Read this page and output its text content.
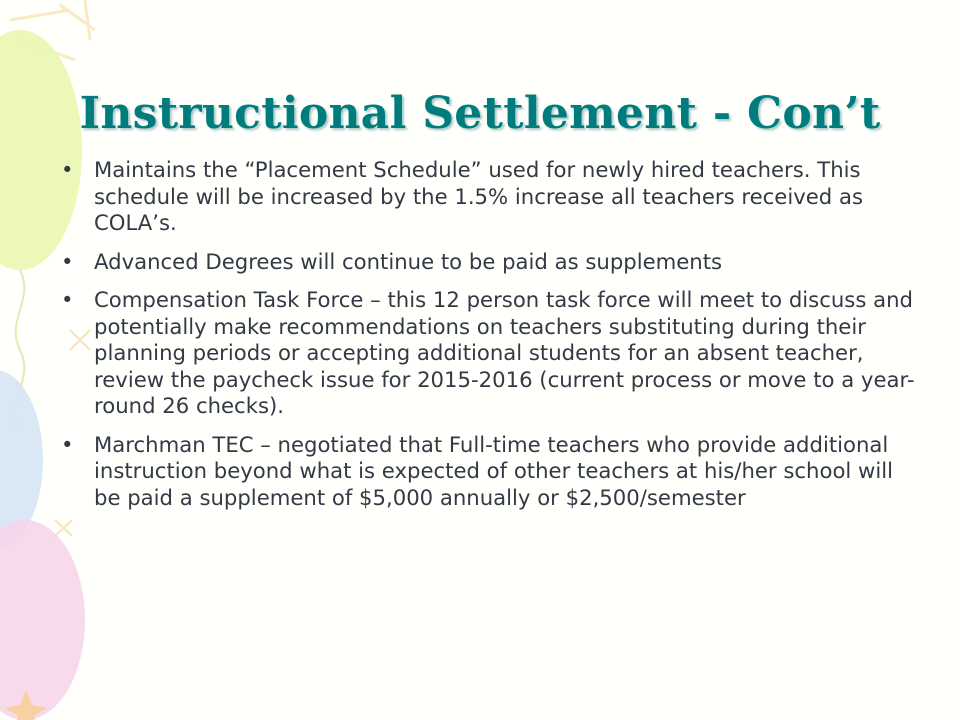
Instructional Settlement - Con’t
• Maintains the “Placement Schedule” used for newly hired teachers. This schedule will be increased by the 1.5% increase all teachers received as COLA’s.
• Advanced Degrees will continue to be paid as supplements
• Compensation Task Force – this 12 person task force will meet to discuss and potentially make recommendations on teachers substituting during their planning periods or accepting additional students for an absent teacher, review the paycheck issue for 2015-2016 (current process or move to a year-round 26 checks).
• Marchman TEC – negotiated that Full-time teachers who provide additional instruction beyond what is expected of other teachers at his/her school will be paid a supplement of $5,000 annually or $2,500/semester
